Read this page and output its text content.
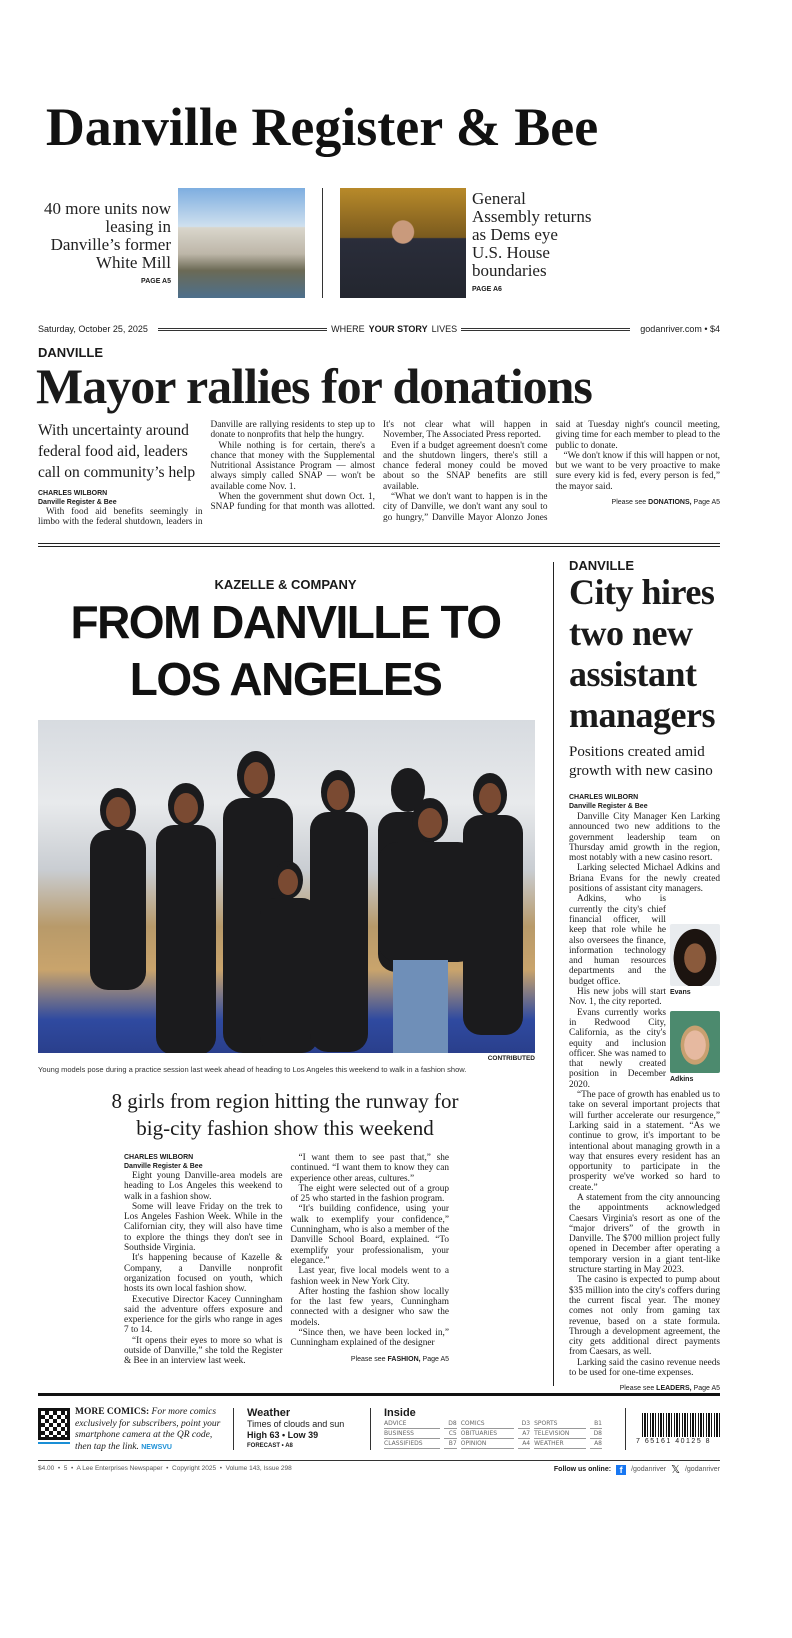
Danville Register & Bee
40 more units now leasing in Danville’s former White Mill
PAGE A5
General Assembly returns as Dems eye U.S. House boundaries
PAGE A6
Saturday, October 25, 2025	WHERE YOUR STORY LIVES	godanriver.com • $4
DANVILLE
Mayor rallies for donations
With uncertainty around federal food aid, leaders call on community’s help

CHARLES WILBORN

Danville Register & Bee

With food aid benefits seemingly in limbo with the federal shutdown, leaders in Danville are rallying residents to step up to donate to nonprofits that help the hungry.

While nothing is for certain, there's a chance that money with the Supplemental Nutritional Assistance Program — almost always simply called SNAP — won't be available come Nov. 1.

When the government shut down Oct. 1, SNAP funding for that month was allotted. It's not clear what will happen in November, The Associated Press reported.

Even if a budget agreement doesn't come and the shutdown lingers, there's still a chance federal money could be moved about so the SNAP benefits are still available.

“What we don't want to happen is in the city of Danville, we don't want any soul to go hungry,” Danville Mayor Alonzo Jones said at Tuesday night's council meeting, giving time for each member to plead to the public to donate.

“We don't know if this will happen or not, but we want to be very proactive to make sure every kid is fed, every person is fed,” the mayor said.

Please see DONATIONS, Page A5
KAZELLE & COMPANY
FROM DANVILLE TO LOS ANGELES
CONTRIBUTED
Young models pose during a practice session last week ahead of heading to Los Angeles this weekend to walk in a fashion show.
8 girls from region hitting the runway for big-city fashion show this weekend

CHARLES WILBORN

Danville Register & Bee

Eight young Danville-area models are heading to Los Angeles this weekend to walk in a fashion show.

Some will leave Friday on the trek to Los Angeles Fashion Week. While in the Californian city, they will also have time to explore the things they don't see in Southside Virginia.

It's happening because of Kazelle & Company, a Danville nonprofit organization focused on youth, which hosts its own local fashion show.

Executive Director Kacey Cunningham said the adventure offers exposure and experience for the girls who range in ages 7 to 14.

“It opens their eyes to more so what is outside of Danville,” she told the Register & Bee in an interview last week.

“I want them to see past that,” she continued. “I want them to know they can experience other areas, cultures.”

The eight were selected out of a group of 25 who started in the fashion program.

“It's building confidence, using your walk to exemplify your confidence,” Cunningham, who is also a member of the Danville School Board, explained. “To exemplify your professionalism, your elegance.”

Last year, five local models went to a fashion week in New York City.

After hosting the fashion show locally for the last few years, Cunningham connected with a designer who saw the models.

“Since then, we have been locked in,” Cunningham explained of the designer

Please see FASHION, Page A5
DANVILLE
City hires two new assistant managers
Positions created amid growth with new casino

CHARLES WILBORN

Danville Register & Bee

Danville City Manager Ken Larking announced two new additions to the government leadership team on Thursday amid growth in the region, most notably with a new casino resort.

Larking selected Michael Adkins and Briana Evans for the newly created positions of assistant city managers.

Evans

Adkins, who is currently the city's chief financial officer, will keep that role while he also oversees the finance, information technology and human resources departments and the budget office.

His new jobs will start Nov. 1, the city reported.

Adkins

Evans currently works in Redwood City, California, as the city's equity and inclusion officer. She was named to that newly created position in December 2020.

“The pace of growth has enabled us to take on several important projects that will further accelerate our resurgence,” Larking said in a statement. “As we continue to grow, it's important to be intentional about managing growth in a way that ensures every resident has an opportunity to participate in the prosperity we've worked so hard to create.”

A statement from the city announcing the appointments acknowledged Caesars Virginia's resort as one of the “major drivers” of the growth in Danville. The $700 million project fully opened in December after operating a temporary version in a giant tent-like structure starting in May 2023.

The casino is expected to pump about $35 million into the city's coffers during the current fiscal year. The money comes not only from gaming tax revenue, based on a state formula. Through a development agreement, the city gets additional direct payments from Caesars, as well.

Larking said the casino revenue needs to be used for one-time expenses.

Please see LEADERS, Page A5
MORE COMICS: For more comics exclusively for subscribers, point your smartphone camera at the QR code, then tap the link. NEWSVU
Weather
Times of clouds and sun
High 63 • Low 39
FORECAST • A8
Inside
ADVICE	D8	COMICS	D3	SPORTS	B1
BUSINESS	C5	OBITUARIES	A7	TELEVISION	D8
CLASSIFIEDS	B7	OPINION	A4	WEATHER	A8	7 65161 40125 8
$4.00  •  5  •  A Lee Enterprises Newspaper  •  Copyright 2025  •  Volume 143, Issue 298	Follow us online: f	/godanriver 𝕏 /godanriver
